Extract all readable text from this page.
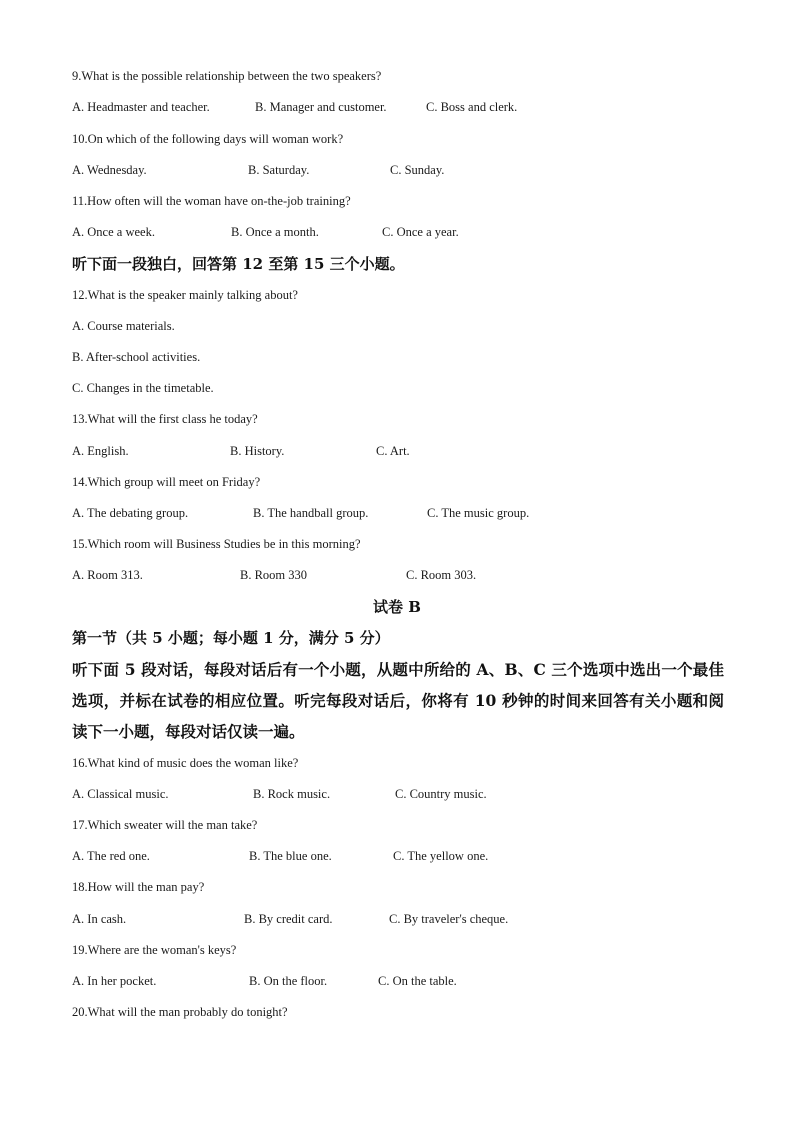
9.What is the possible relationship between the two speakers?
A. Headmaster and teacher.	B. Manager and customer.	C. Boss and clerk.
10.On which of the following days will woman work?
A. Wednesday.	B. Saturday.	C. Sunday.
11.How often will the woman have on-the-job training?
A. Once a week.	B. Once a month.	C. Once a year.
听下面一段独白，回答第 12 至第 15 三个小题。
12.What is the speaker mainly talking about?
A. Course materials.
B. After-school activities.
C. Changes in the timetable.
13.What will the first class he today?
A. English.	B. History.	C. Art.
14.Which group will meet on Friday?
A. The debating group.	B. The handball group.	C. The music group.
15.Which room will Business Studies be in this morning?
A. Room 313.	B. Room 330	C. Room 303.
试卷 B
第一节（共 5 小题；每小题 1 分，满分 5 分）
听下面 5 段对话，每段对话后有一个小题，从题中所给的 A、B、C 三个选项中选出一个最佳选项，并标在试卷的相应位置。听完每段对话后，你将有 10 秒钟的时间来回答有关小题和阅读下一小题，每段对话仅读一遍。
16.What kind of music does the woman like?
A. Classical music.	B. Rock music.	C. Country music.
17.Which sweater will the man take?
A. The red one.	B. The blue one.	C. The yellow one.
18.How will the man pay?
A. In cash.	B. By credit card.	C. By traveler's cheque.
19.Where are the woman's keys?
A. In her pocket.	B. On the floor.	C. On the table.
20.What will the man probably do tonight?
